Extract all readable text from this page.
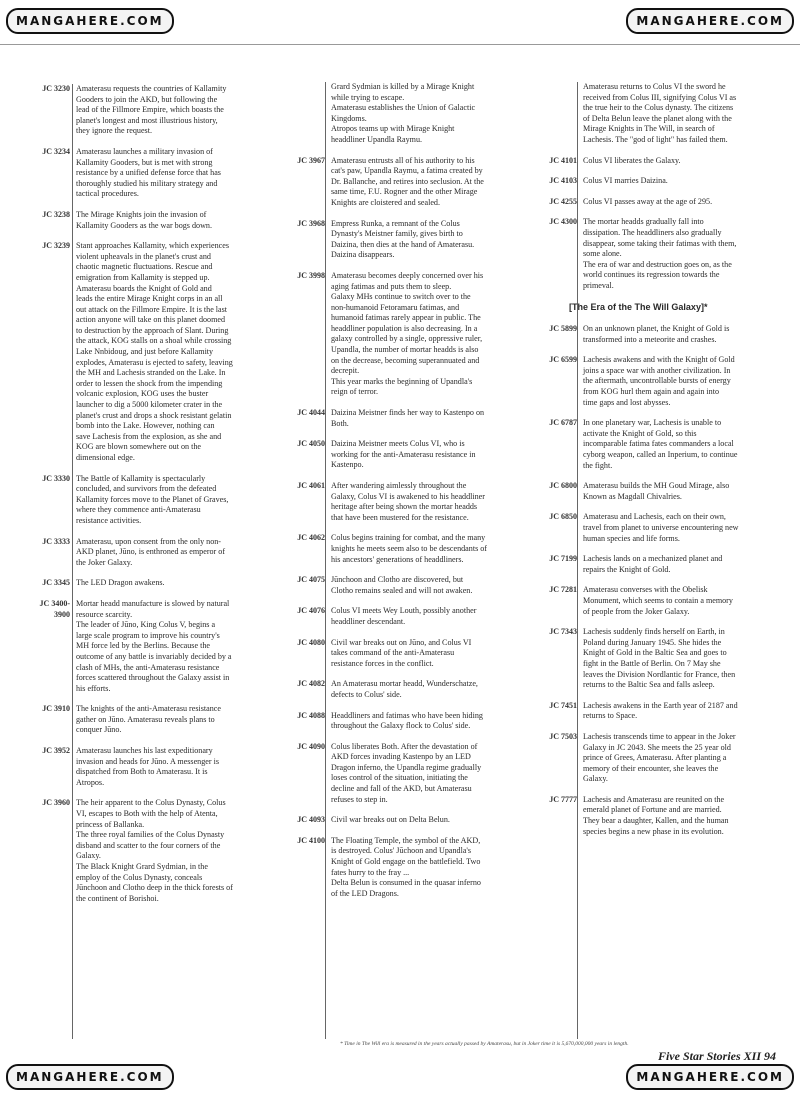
MANGAHERE.COM	MANGAHERE.COM
JC 3230 Amaterasu requests the countries of Kallamity
Gooders to join the AKD, but following the
lead of the Fillmore Empire, which boasts the
planet's longest and most illustrious history,
they ignore the request.
JC 3234 Amaterasu launches a military invasion of
Kallamity Gooders, but is met with strong
resistance by a unified defense force that has
thoroughly studied his military strategy and
tactical procedures.
JC 3238 The Mirage Knights join the invasion of
Kallamity Gooders as the war bogs down.
JC 3239 Stant approaches Kallamity, which experiences
violent upheavals in the planet's crust and
chaotic magnetic fluctuations. Rescue and
emigration from Kallamity is stepped up.
Amaterasu boards the Knight of Gold and
leads the entire Mirage Knight corps in an all
out attack on the Fillmore Empire. It is the last
action anyone will take on this planet doomed
to destruction by the approach of Slant. During
the attack, KOG stalls on a shoal while crossing
Lake Nnbidoug, and just before Kallamity
explodes, Amaterasu is ejected to safety, leaving
the MH and Lachesis stranded on the Lake. In
order to lessen the shock from the impending
volcanic explosion, KOG uses the buster
launcher to dig a 5000 kilometer crater in the
planet's crust and drops a shock resistant gelatin
bomb into the Lake. However, nothing can
save Lachesis from the explosion, as she and
KOG are blown somewhere out on the
dimensional edge.
JC 3330 The Battle of Kallamity is spectacularly
concluded, and survivors from the defeated
Kallamity forces move to the Planet of Graves,
where they commence anti-Amaterasu
resistance activities.
JC 3333 Amaterasu, upon consent from the only non-
AKD planet, Jūno, is enthroned as emperor of
the Joker Galaxy.
JC 3345 The LED Dragon awakens.
JC 3400-
3900
Mortar headd manufacture is slowed by natural
resource scarcity.
The leader of Jūno, King Colus V, begins a
large scale program to improve his country's
MH force led by the Berlins. Because the
outcome of any battle is invariably decided by a
clash of MHs, the anti-Amaterasu resistance
forces scattered throughout the Galaxy assist in
his efforts.
JC 3910 The knights of the anti-Amaterasu resistance
gather on Jūno. Amaterasu reveals plans to
conquer Jūno.
JC 3952 Amaterasu launches his last expeditionary
invasion and heads for Jūno. A messenger is
dispatched from Both to Amaterasu. It is
Atropos.
JC 3960 The heir apparent to the Colus Dynasty, Colus
VI, escapes to Both with the help of Atenta,
princess of Ballanka.
The three royal families of the Colus Dynasty
disband and scatter to the four corners of the
Galaxy.
The Black Knight Grard Sydmian, in the
employ of the Colus Dynasty, conceals
Jūnchoon and Clotho deep in the thick forests of
the continent of Borishoi.
Grard Sydmian is killed by a Mirage Knight
while trying to escape.
Amaterasu establishes the Union of Galactic
Kingdoms.
Atropos teams up with Mirage Knight
headdliner Upandla Raymu.
JC 3967 Amaterasu entrusts all of his authority to his
cat's paw, Upandla Raymu, a fatima created by
Dr. Ballanche, and retires into seclusion. At the
same time, F.U. Rogner and the other Mirage
Knights are cloistered and sealed.
JC 3968 Empress Runka, a remnant of the Colus
Dynasty's Meistner family, gives birth to
Daizina, then dies at the hand of Amaterasu.
Daizina disappears.
JC 3998 Amaterasu becomes deeply concerned over his
aging fatimas and puts them to sleep.
Galaxy MHs continue to switch over to the
non-humanoid Fetoramaru fatimas, and
humanoid fatimas rarely appear in public. The
headdliner population is also decreasing. In a
galaxy controlled by a single, oppressive ruler,
Upandla, the number of mortar headds is also
on the decrease, becoming superannuated and
decrepit.
This year marks the beginning of Upandla's
reign of terror.
JC 4044 Daizina Meistner finds her way to Kastenpo on
Both.
JC 4050 Daizina Meistner meets Colus VI, who is
working for the anti-Amaterasu resistance in
Kastenpo.
JC 4061 After wandering aimlessly throughout the
Galaxy, Colus VI is awakened to his headdliner
heritage after being shown the mortar headds
that have been mustered for the resistance.
JC 4062 Colus begins training for combat, and the many
knights he meets seem also to be descendants of
his ancestors' generations of headdliners.
JC 4075 Jūnchoon and Clotho are discovered, but
Clotho remains sealed and will not awaken.
JC 4076 Colus VI meets Wey Louth, possibly another
headdliner descendant.
JC 4080 Civil war breaks out on Jūno, and Colus VI
takes command of the anti-Amaterasu
resistance forces in the conflict.
JC 4082 An Amaterasu mortar headd, Wunderschatze,
defects to Colus' side.
JC 4088 Headdliners and fatimas who have been hiding
throughout the Galaxy flock to Colus' side.
JC 4090 Colus liberates Both. After the devastation of
AKD forces invading Kastenpo by an LED
Dragon inferno, the Upandla regime gradually
loses control of the situation, initiating the
decline and fall of the AKD, but Amaterasu
refuses to step in.
JC 4093 Civil war breaks out on Delta Belun.
JC 4100 The Floating Temple, the symbol of the AKD,
is destroyed. Colus' Jūchoon and Upandla's
Knight of Gold engage on the battlefield. Two
fates hurry to the fray ...
Delta Belun is consumed in the quasar inferno
of the LED Dragons.
Amaterasu returns to Colus VI the sword he
received from Colus III, signifying Colus VI as
the true heir to the Colus dynasty. The citizens
of Delta Belun leave the planet along with the
Mirage Knights in The Will, in search of
Lachesis. The "god of light" has failed them.
JC 4101 Colus VI liberates the Galaxy.
JC 4103 Colus VI marries Daizina.
JC 4255 Colus VI passes away at the age of 295.
JC 4300 The mortar headds gradually fall into
dissipation. The headdliners also gradually
disappear, some taking their fatimas with them,
some alone.
The era of war and destruction goes on, as the
world continues its regression towards the
primeval.
[The Era of the The Will Galaxy]*
JC 5899 On an unknown planet, the Knight of Gold is
transformed into a meteorite and crashes.
JC 6599 Lachesis awakens and with the Knight of Gold
joins a space war with another civilization. In
the aftermath, uncontrollable bursts of energy
from KOG hurl them again and again into
time gaps and lost abysses.
JC 6787 In one planetary war, Lachesis is unable to
activate the Knight of Gold, so this
incomparable fatima fates commanders a local
cyborg weapon, called an Inperium, to continue
the fight.
JC 6800 Amaterasu builds the MH Goud Mirage, also
Known as Magdall Chivalries.
JC 6850 Amaterasu and Lachesis, each on their own,
travel from planet to universe encountering new
human species and life forms.
JC 7199 Lachesis lands on a mechanized planet and
repairs the Knight of Gold.
JC 7281 Amaterasu converses with the Obelisk
Monument, which seems to contain a memory
of people from the Joker Galaxy.
JC 7343 Lachesis suddenly finds herself on Earth, in
Poland during January 1945. She hides the
Knight of Gold in the Baltic Sea and goes to
fight in the Battle of Berlin. On 7 May she
leaves the Division Nordlantic for France, then
returns to the Baltic Sea and falls asleep.
JC 7451 Lachesis awakens in the Earth year of 2187 and
returns to Space.
JC 7503 Lachesis transcends time to appear in the Joker
Galaxy in JC 2043. She meets the 25 year old
prince of Grees, Amaterasu. After planting a
memory of their encounter, she leaves the
Galaxy.
JC 7777 Lachesis and Amaterasu are reunited on the
emerald planet of Fortune and are married.
They bear a daughter, Kallen, and the human
species begins a new phase in its evolution.
* Time in The Will era is measured in the years actually passed by Amaterasu, but in Joker time it is 5,670,000,000 years in length.
Five Star Stories XII 94
MANGAHERE.COM	MANGAHERE.COM
